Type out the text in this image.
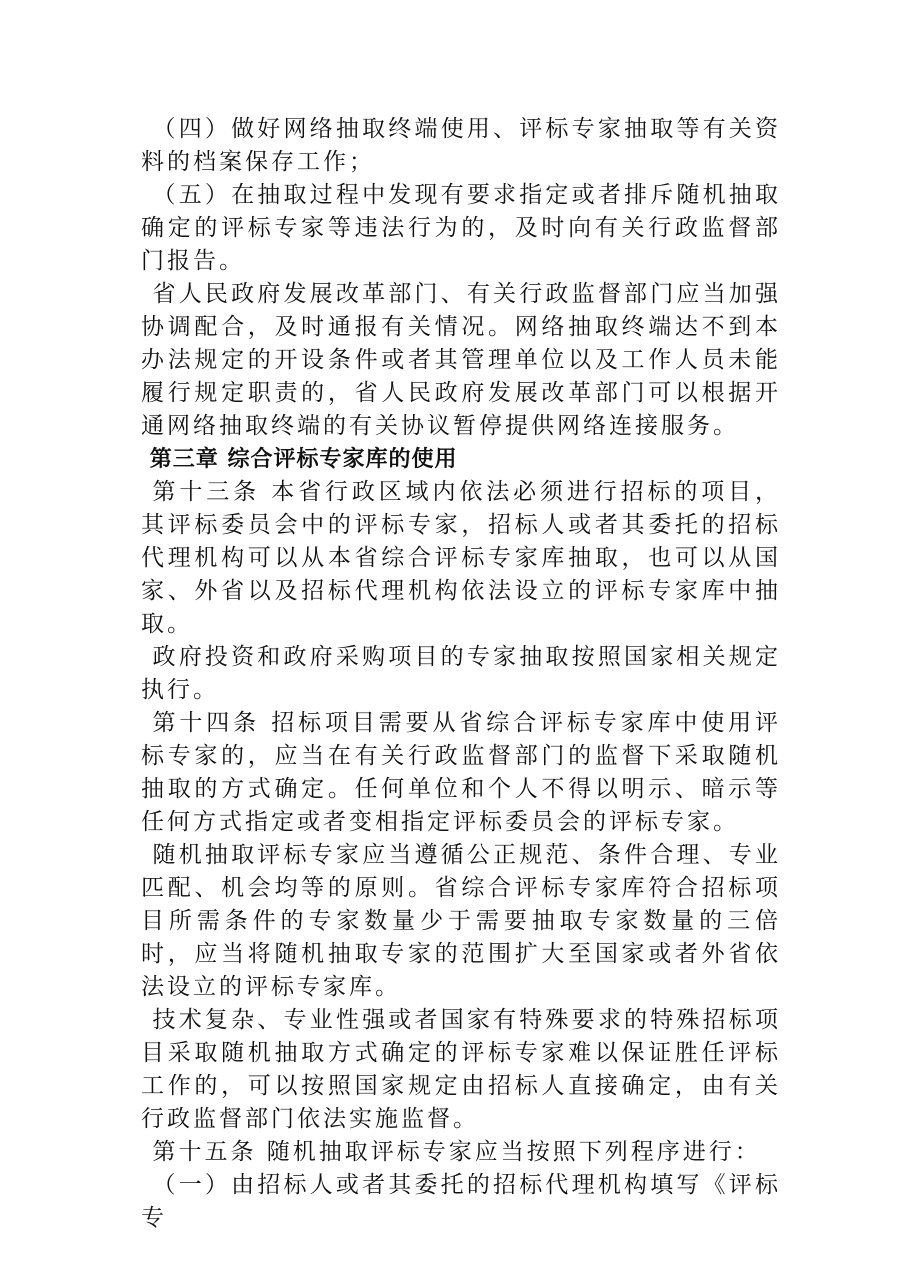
（四）做好网络抽取终端使用、评标专家抽取等有关资料的档案保存工作；

（五）在抽取过程中发现有要求指定或者排斥随机抽取确定的评标专家等违法行为的，及时向有关行政监督部门报告。

省人民政府发展改革部门、有关行政监督部门应当加强协调配合，及时通报有关情况。网络抽取终端达不到本办法规定的开设条件或者其管理单位以及工作人员未能履行规定职责的，省人民政府发展改革部门可以根据开通网络抽取终端的有关协议暂停提供网络连接服务。

第三章 综合评标专家库的使用

第十三条 本省行政区域内依法必须进行招标的项目，其评标委员会中的评标专家，招标人或者其委托的招标代理机构可以从本省综合评标专家库抽取，也可以从国家、外省以及招标代理机构依法设立的评标专家库中抽取。

政府投资和政府采购项目的专家抽取按照国家相关规定执行。

第十四条 招标项目需要从省综合评标专家库中使用评标专家的，应当在有关行政监督部门的监督下采取随机抽取的方式确定。任何单位和个人不得以明示、暗示等任何方式指定或者变相指定评标委员会的评标专家。

随机抽取评标专家应当遵循公正规范、条件合理、专业匹配、机会均等的原则。省综合评标专家库符合招标项目所需条件的专家数量少于需要抽取专家数量的三倍时，应当将随机抽取专家的范围扩大至国家或者外省依法设立的评标专家库。

技术复杂、专业性强或者国家有特殊要求的特殊招标项目采取随机抽取方式确定的评标专家难以保证胜任评标工作的，可以按照国家规定由招标人直接确定，由有关行政监督部门依法实施监督。

第十五条 随机抽取评标专家应当按照下列程序进行：

（一）由招标人或者其委托的招标代理机构填写《评标专
